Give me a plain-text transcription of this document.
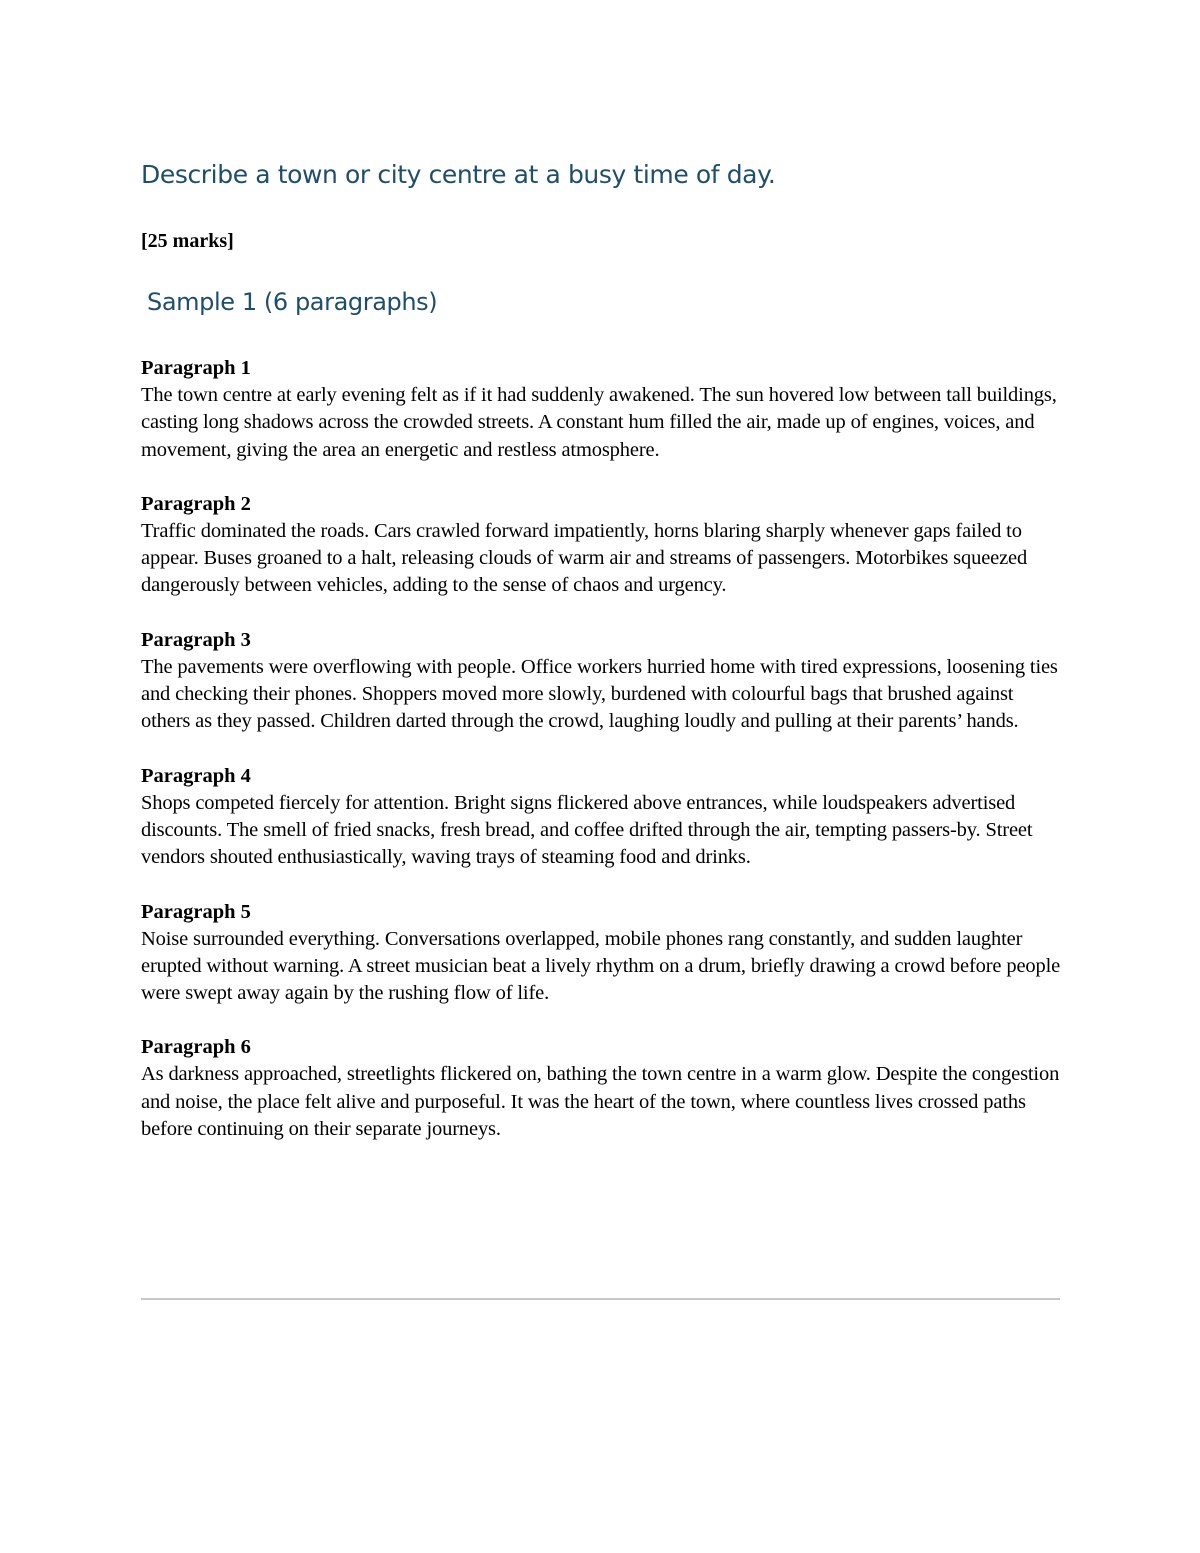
Describe a town or city centre at a busy time of day.

[25 marks]

Sample 1 (6 paragraphs)

Paragraph 1

The town centre at early evening felt as if it had suddenly awakened. The sun hovered low between tall buildings, casting long shadows across the crowded streets. A constant hum filled the air, made up of engines, voices, and movement, giving the area an energetic and restless atmosphere.

Paragraph 2

Traffic dominated the roads. Cars crawled forward impatiently, horns blaring sharply whenever gaps failed to appear. Buses groaned to a halt, releasing clouds of warm air and streams of passengers. Motorbikes squeezed dangerously between vehicles, adding to the sense of chaos and urgency.

Paragraph 3

The pavements were overflowing with people. Office workers hurried home with tired expressions, loosening ties and checking their phones. Shoppers moved more slowly, burdened with colourful bags that brushed against others as they passed. Children darted through the crowd, laughing loudly and pulling at their parents’ hands.

Paragraph 4

Shops competed fiercely for attention. Bright signs flickered above entrances, while loudspeakers advertised discounts. The smell of fried snacks, fresh bread, and coffee drifted through the air, tempting passers-by. Street vendors shouted enthusiastically, waving trays of steaming food and drinks.

Paragraph 5

Noise surrounded everything. Conversations overlapped, mobile phones rang constantly, and sudden laughter erupted without warning. A street musician beat a lively rhythm on a drum, briefly drawing a crowd before people were swept away again by the rushing flow of life.

Paragraph 6

As darkness approached, streetlights flickered on, bathing the town centre in a warm glow. Despite the congestion and noise, the place felt alive and purposeful. It was the heart of the town, where countless lives crossed paths before continuing on their separate journeys.
